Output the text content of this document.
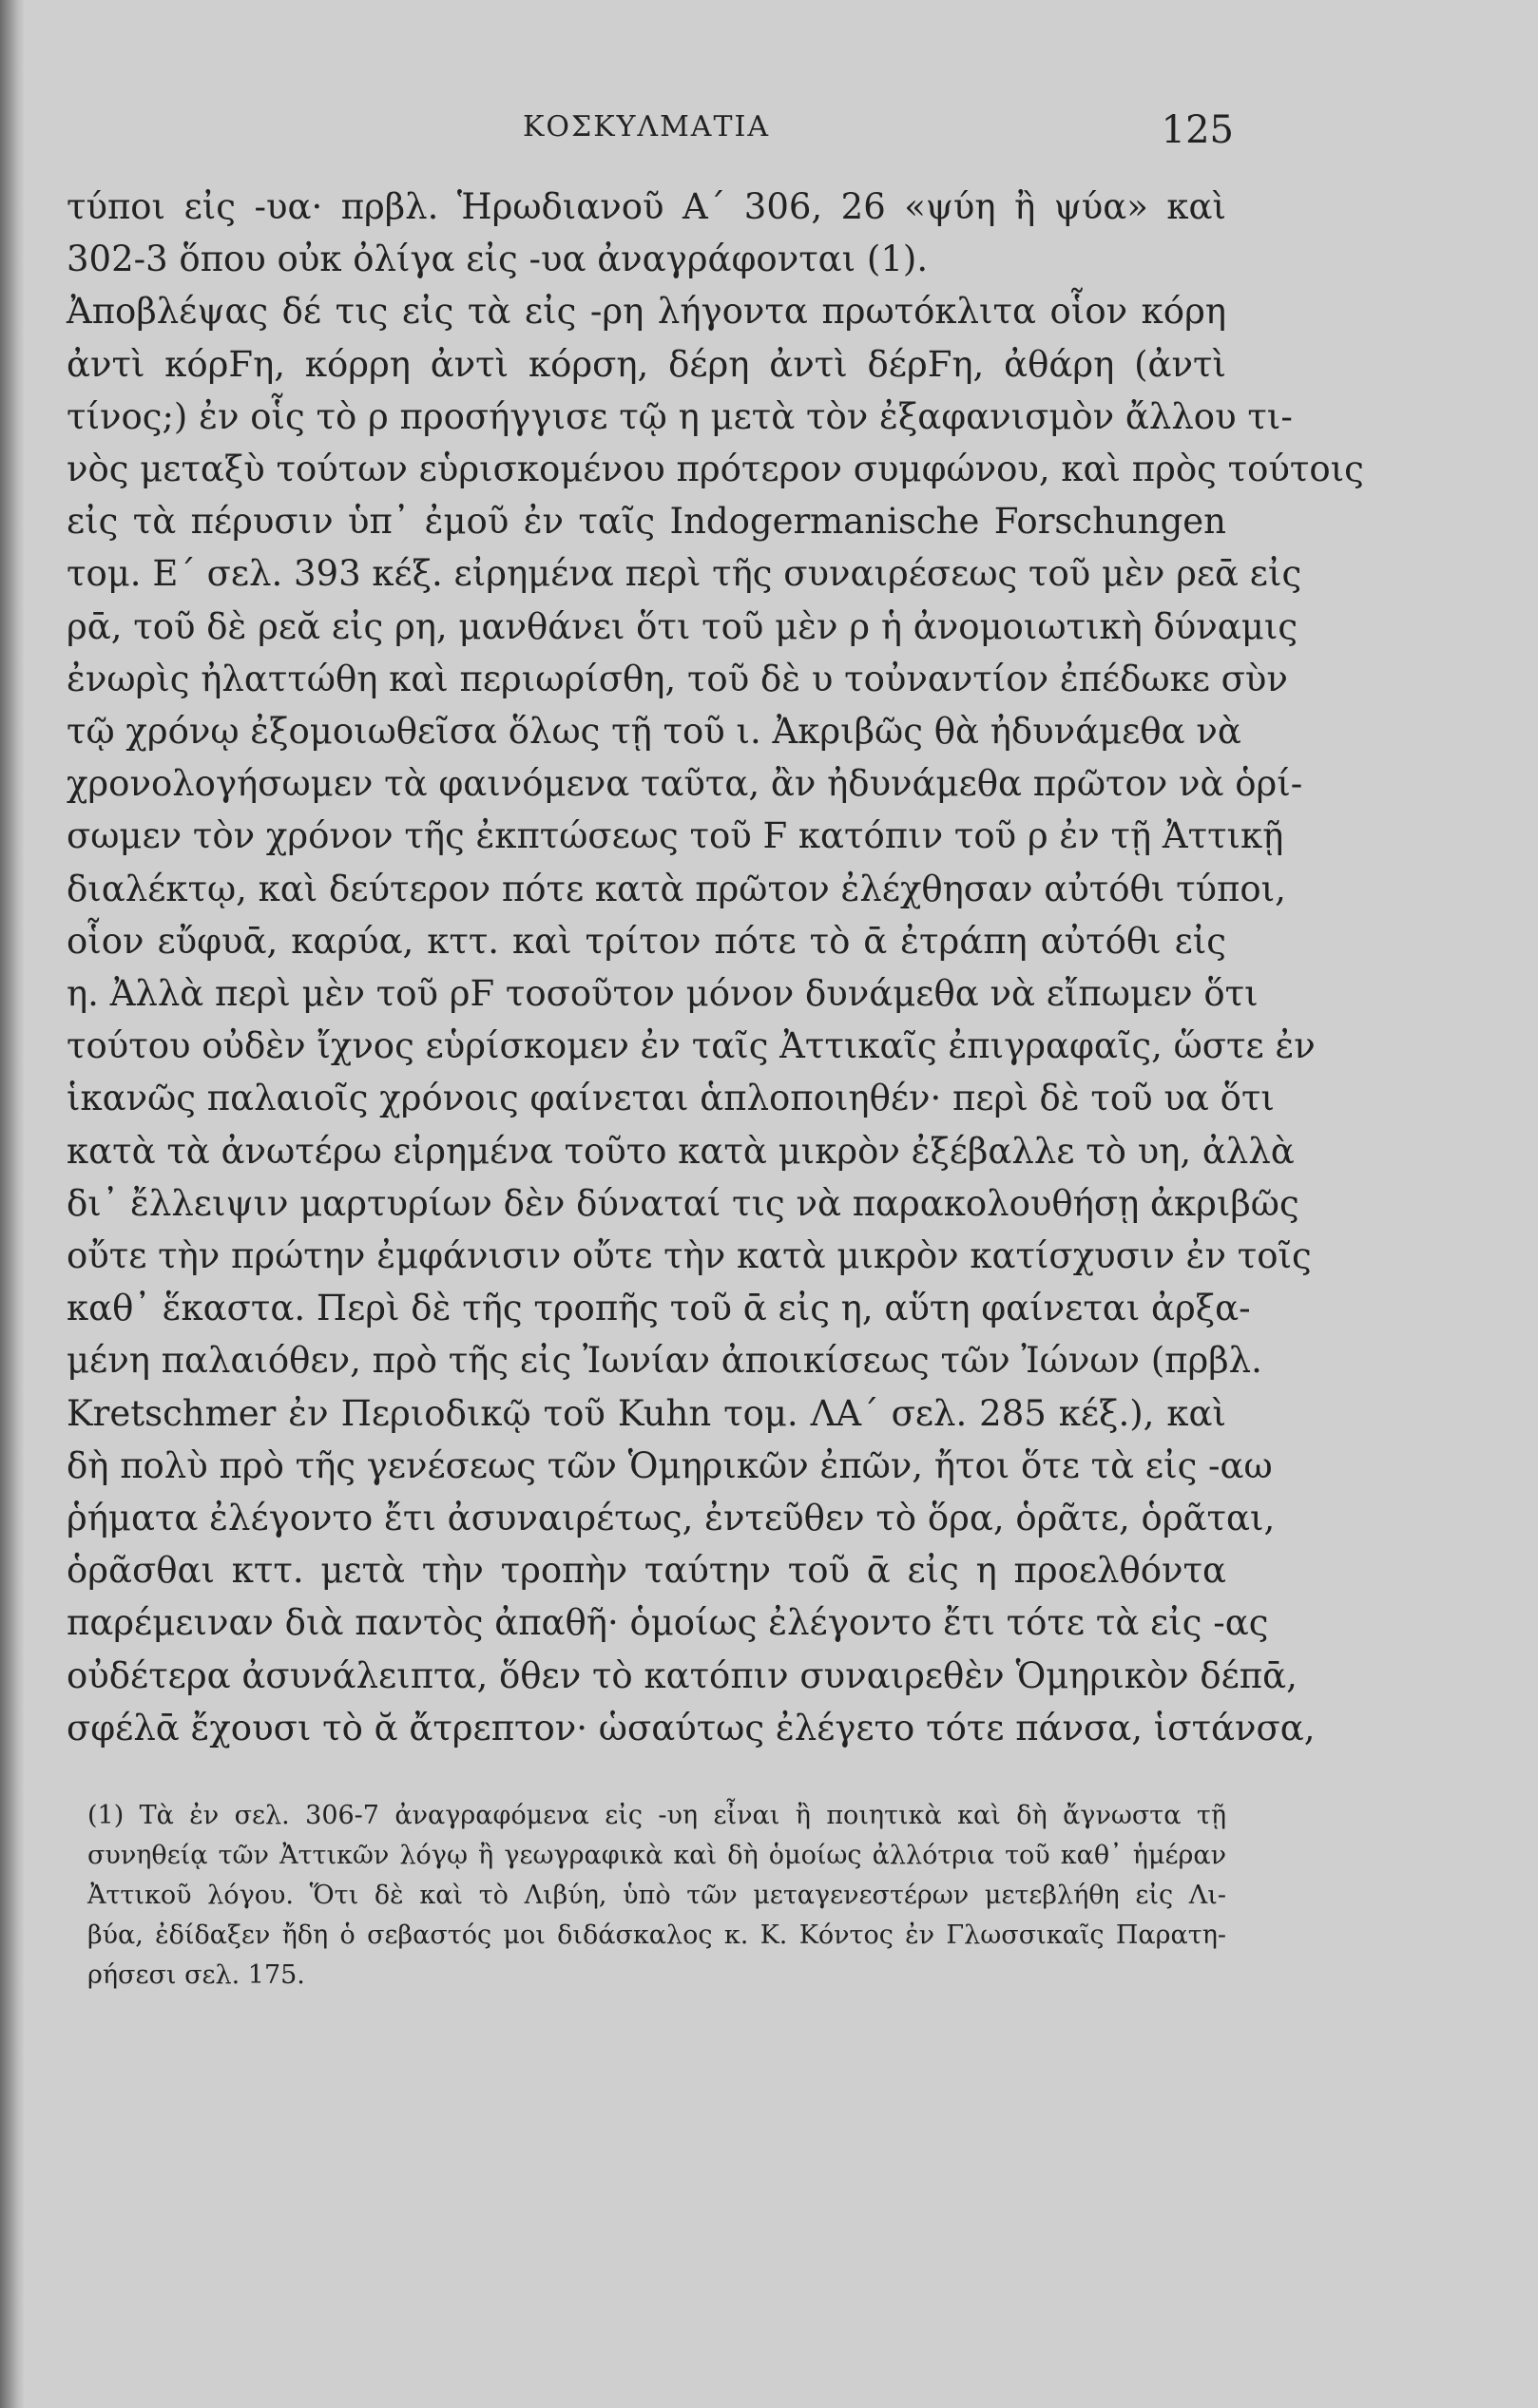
ΚΟΣΚΥΛΜΑΤΙΑ	125
τύποι εἰς -υα· πρβλ. Ἡρωδιανοῦ Α΄ 306, 26 «ψύη ἢ ψύα» καὶ
302-3 ὅπου οὐκ ὀλίγα εἰς -υα ἀναγράφονται (1).
Ἀποβλέψας δέ τις εἰς τὰ εἰς -ρη λήγοντα πρωτόκλιτα οἷον κόρη
ἀντὶ κόρϜη, κόρρη ἀντὶ κόρση, δέρη ἀντὶ δέρϜη, ἀθάρη (ἀντὶ
τίνος;) ἐν οἷς τὸ ρ προσήγγισε τῷ η μετὰ τὸν ἐξαφανισμὸν ἄλλου τι-
νὸς μεταξὺ τούτων εὑρισκομένου πρότερον συμφώνου, καὶ πρὸς τούτοις
εἰς τὰ πέρυσιν ὑπ᾽ ἐμοῦ ἐν ταῖς Indogermanische Forschungen
τομ. Ε΄ σελ. 393 κέξ. εἰρημένα περὶ τῆς συναιρέσεως τοῦ μὲν ρεᾱ εἰς
ρᾱ, τοῦ δὲ ρεᾰ εἰς ρη, μανθάνει ὅτι τοῦ μὲν ρ ἡ ἀνομοιωτικὴ δύναμις
ἐνωρὶς ἠλαττώθη καὶ περιωρίσθη, τοῦ δὲ υ τοὐναντίον ἐπέδωκε σὺν
τῷ χρόνῳ ἐξομοιωθεῖσα ὅλως τῇ τοῦ ι. Ἀκριβῶς θὰ ἠδυνάμεθα νὰ
χρονολογήσωμεν τὰ φαινόμενα ταῦτα, ἂν ἠδυνάμεθα πρῶτον νὰ ὁρί-
σωμεν τὸν χρόνον τῆς ἐκπτώσεως τοῦ Ϝ κατόπιν τοῦ ρ ἐν τῇ Ἀττικῇ
διαλέκτῳ, καὶ δεύτερον πότε κατὰ πρῶτον ἐλέχθησαν αὐτόθι τύποι,
οἷον εὔφυᾱ, καρύα, κττ. καὶ τρίτον πότε τὸ ᾱ ἐτράπη αὐτόθι εἰς
η. Ἀλλὰ περὶ μὲν τοῦ ρϜ τοσοῦτον μόνον δυνάμεθα νὰ εἴπωμεν ὅτι
τούτου οὐδὲν ἴχνος εὑρίσκομεν ἐν ταῖς Ἀττικαῖς ἐπιγραφαῖς, ὥστε ἐν
ἱκανῶς παλαιοῖς χρόνοις φαίνεται ἁπλοποιηθέν· περὶ δὲ τοῦ υα ὅτι
κατὰ τὰ ἀνωτέρω εἰρημένα τοῦτο κατὰ μικρὸν ἐξέβαλλε τὸ υη, ἀλλὰ
δι᾽ ἔλλειψιν μαρτυρίων δὲν δύναταί τις νὰ παρακολουθήσῃ ἀκριβῶς
οὔτε τὴν πρώτην ἐμφάνισιν οὔτε τὴν κατὰ μικρὸν κατίσχυσιν ἐν τοῖς
καθ᾽ ἕκαστα. Περὶ δὲ τῆς τροπῆς τοῦ ᾱ εἰς η, αὕτη φαίνεται ἀρξα-
μένη παλαιόθεν, πρὸ τῆς εἰς Ἰωνίαν ἀποικίσεως τῶν Ἰώνων (πρβλ.
Kretschmer ἐν Περιοδικῷ τοῦ Kuhn τομ. ΛΑ΄ σελ. 285 κέξ.), καὶ
δὴ πολὺ πρὸ τῆς γενέσεως τῶν Ὁμηρικῶν ἐπῶν, ἤτοι ὅτε τὰ εἰς -αω
ῥήματα ἐλέγοντο ἔτι ἀσυναιρέτως, ἐντεῦθεν τὸ ὅρα, ὁρᾶτε, ὁρᾶται,
ὁρᾶσθαι κττ. μετὰ τὴν τροπὴν ταύτην τοῦ ᾱ εἰς η προελθόντα
παρέμειναν διὰ παντὸς ἀπαθῆ· ὁμοίως ἐλέγοντο ἔτι τότε τὰ εἰς -ας
οὐδέτερα ἀσυνάλειπτα, ὅθεν τὸ κατόπιν συναιρεθὲν Ὁμηρικὸν δέπᾱ,
σφέλᾱ ἔχουσι τὸ ᾰ ἄτρεπτον· ὡσαύτως ἐλέγετο τότε πάνσα, ἱστάνσα,
(1) Τὰ ἐν σελ. 306-7 ἀναγραφόμενα εἰς -υη εἶναι ἢ ποιητικὰ καὶ δὴ ἄγνωστα τῇ
συνηθείᾳ τῶν Ἀττικῶν λόγῳ ἢ γεωγραφικὰ καὶ δὴ ὁμοίως ἀλλότρια τοῦ καθ᾽ ἡμέραν
Ἀττικοῦ λόγου. Ὅτι δὲ καὶ τὸ Λιβύη, ὑπὸ τῶν μεταγενεστέρων μετεβλήθη εἰς Λι-
βύα, ἐδίδαξεν ἤδη ὁ σεβαστός μοι διδάσκαλος κ. Κ. Κόντος ἐν Γλωσσικαῖς Παρατη-
ρήσεσι σελ. 175.
